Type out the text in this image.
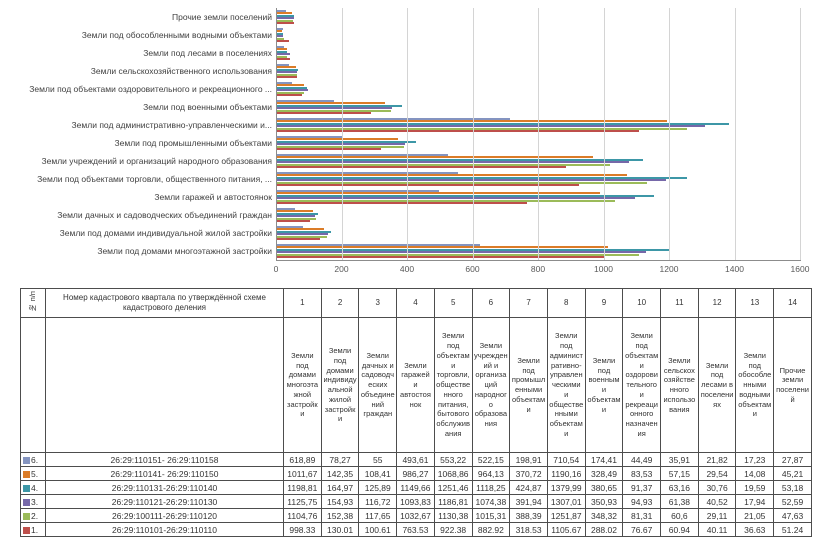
Прочие земли поселений
Земли под обособленными водными объектами
Земли под лесами в поселениях
Земли сельскохозяйственного использования
Земли под объектами оздоровительного и рекреационного ...
Земли под военными объектами
Земли под административно-управленческими и...
Земли под промышленными объектами
Земли учреждений и организаций народного образования
Земли под объектами торговли, общественного питания, ...
Земли гаражей и автостоянок
Земли дачных и садоводческих объединений граждан
Земли под домами индивидуальной жилой застройки
Земли под домами многоэтажной застройки
0	200	400	600	800	1000	1200	1400	1600
№ п/п	Номер кадастрового квартала по утверждённой схеме кадастрового деления	1	2	3	4	5	6	7	8	9	10	11	12	13	14
		Земли под домами многоэтажной застройки	Земли под домами индивидуальной жилой застройки	Земли дачных и садоводческих объединений граждан	Земли гаражей и автостоянок	Земли под объектами торговли, общественного питания, бытового обслуживания	Земли учреждений и организаций народного образования	Земли под промышленными объектами	Земли под административно-управленческими и общественными объектами	Земли под военными объектами	Земли под объектами оздоровительного и рекреационного назначения	Земли сельскохозяйственного использования	Земли под лесами в поселениях	Земли под обособленными водными объектами	Прочие земли поселений
6.	26:29:110151- 26:29:110158	618,89	78,27	55	493,61	553,22	522,15	198,91	710,54	174,41	44,49	35,91	21,82	17,23	27,87
5.	26:29:110141- 26:29:110150	1011,67	142,35	108,41	986,27	1068,86	964,13	370,72	1190,16	328,49	83,53	57,15	29,54	14,08	45,21
4.	26:29:110131-26:29:110140	1198,81	164,97	125,89	1149,66	1251,46	1118,25	424,87	1379,99	380,65	91,37	63,16	30,76	19,59	53,18
3.	26:29:110121-26:29:110130	1125,75	154,93	116,72	1093,83	1186,81	1074,38	391,94	1307,01	350,93	94,93	61,38	40,52	17,94	52,59
2.	26:29:100111-26:29:110120	1104,76	152,38	117,65	1032,67	1130,38	1015,31	388,39	1251,87	348,32	81,31	60,6	29,11	21,05	47,63
1.	26:29:110101-26:29:110110	998.33	130.01	100.61	763.53	922.38	882.92	318.53	1105.67	288.02	76.67	60.94	40.11	36.63	51.24
